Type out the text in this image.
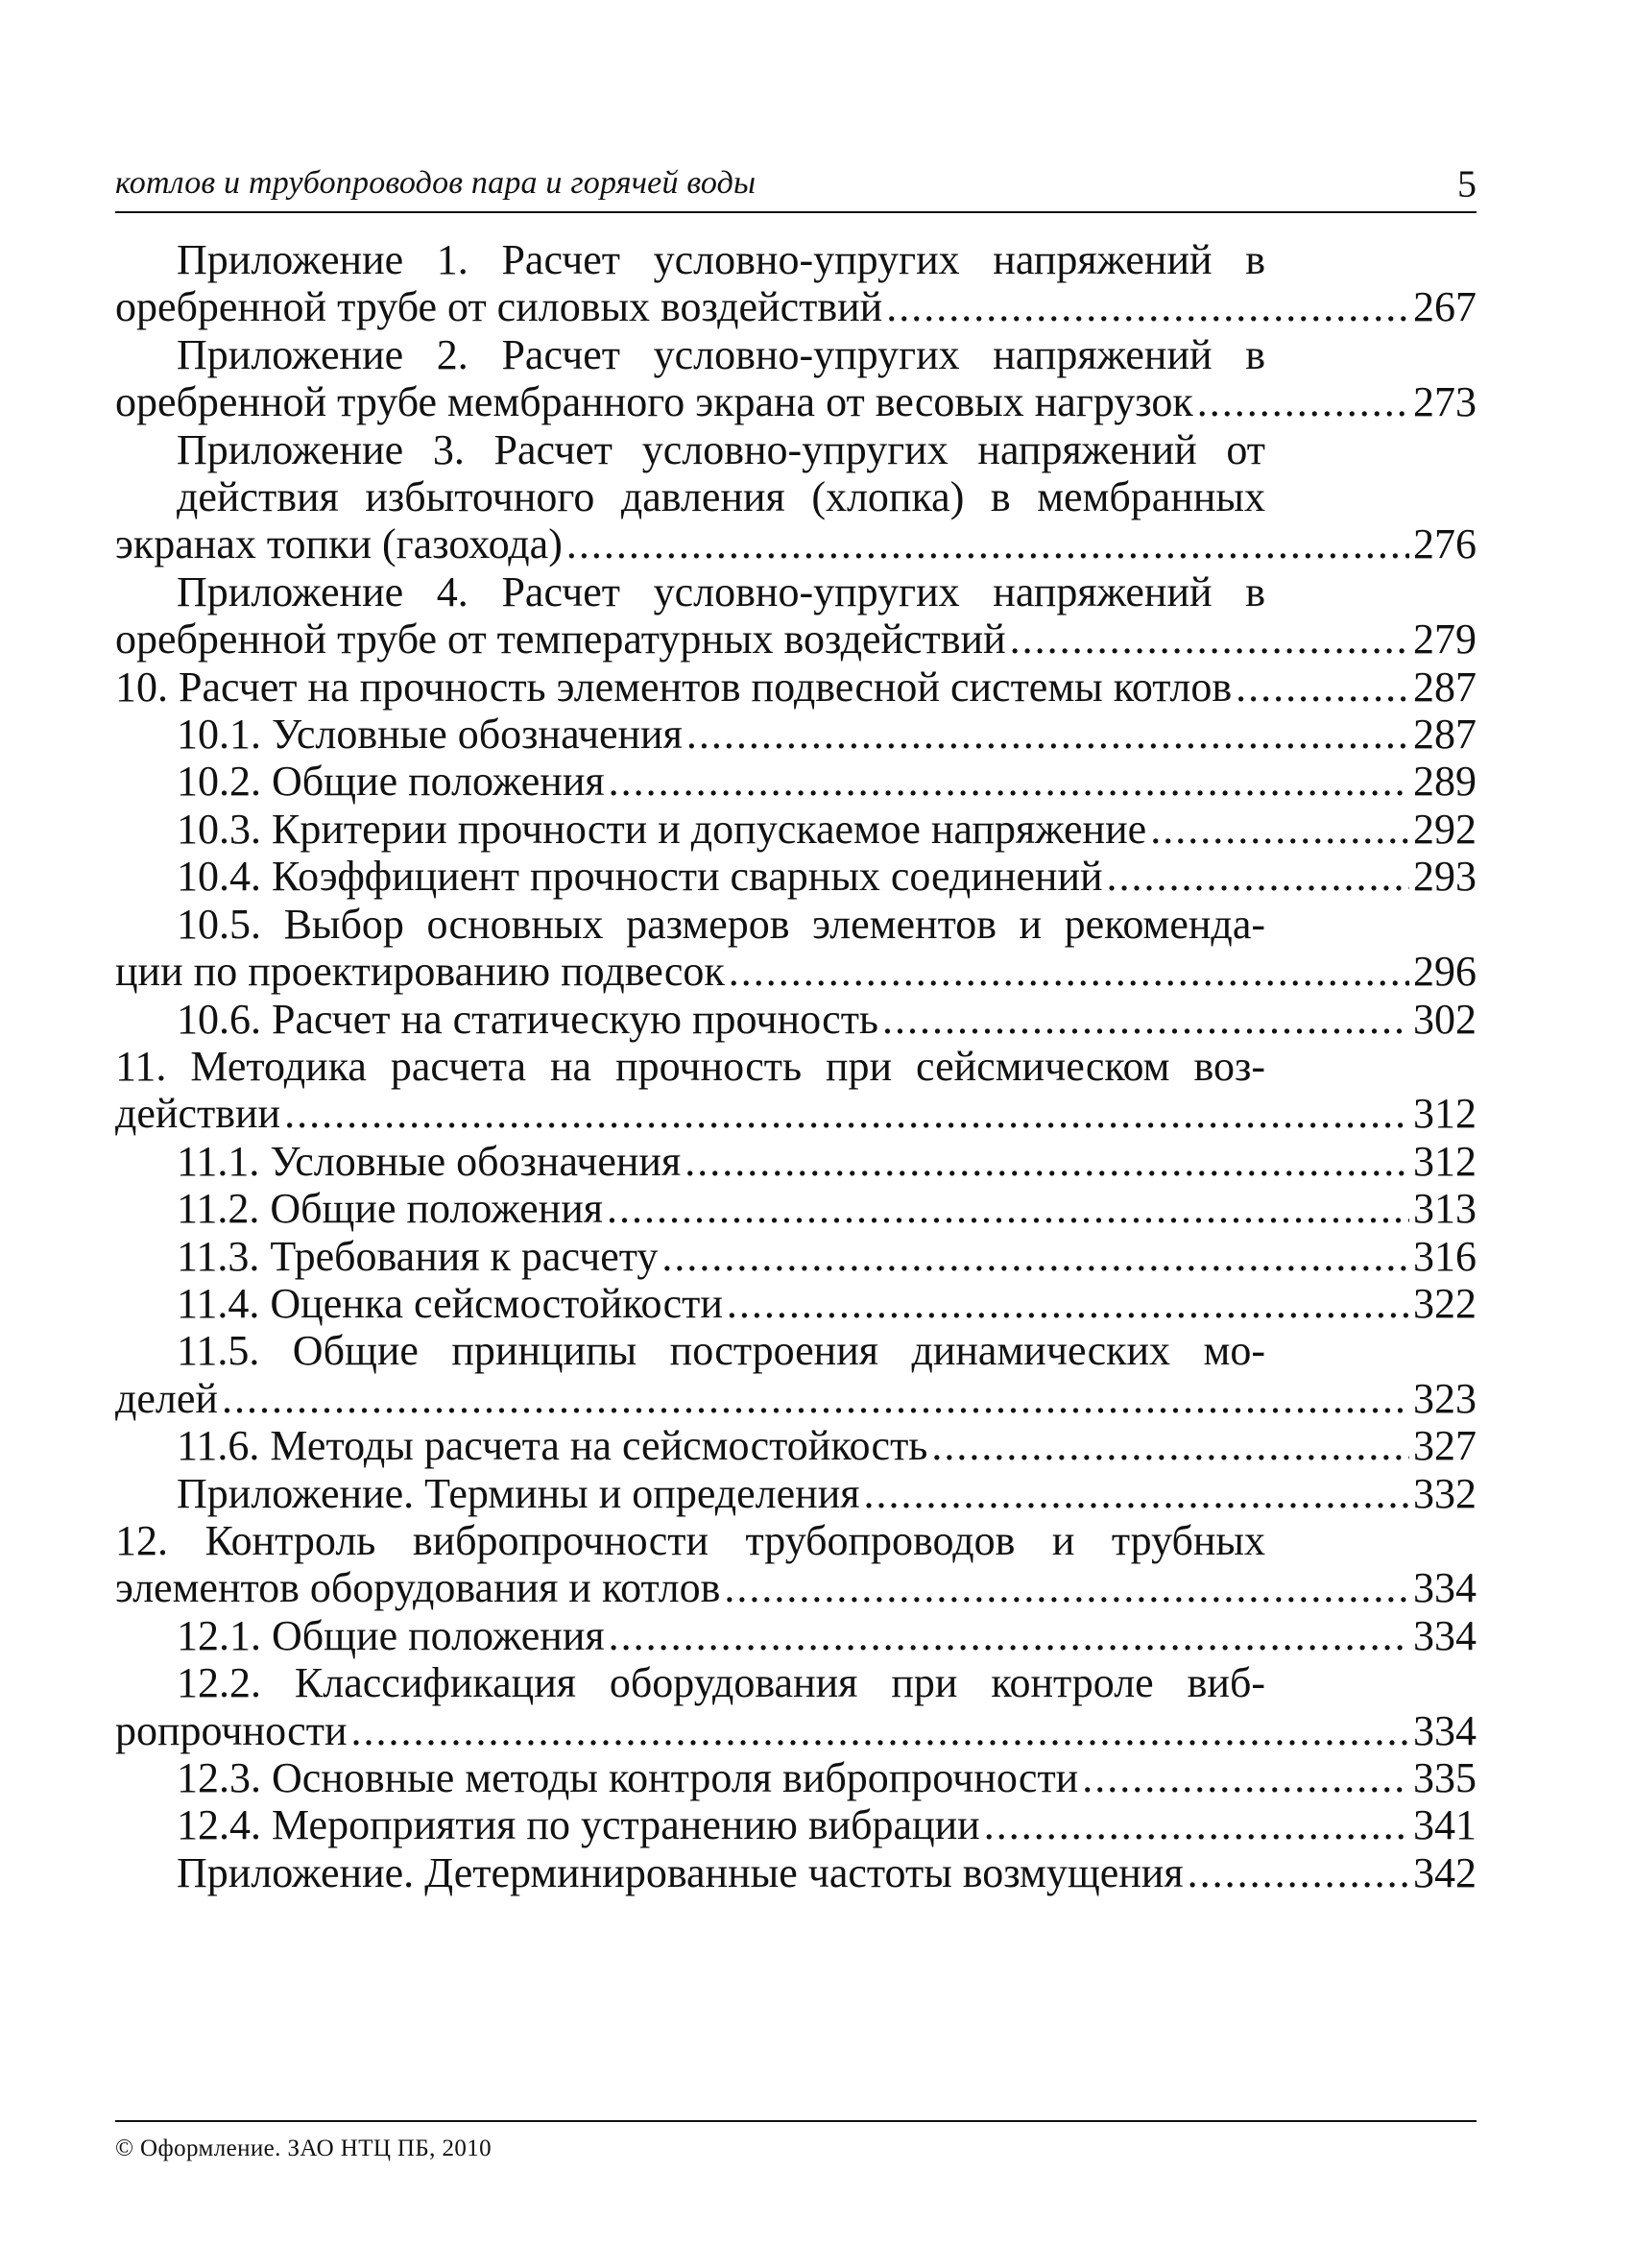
котлов и трубопроводов пара и горячей воды	5
Приложение 1. Расчет условно-упругих напряжений в
оребренной трубе от силовых воздействий .....	267
Приложение 2. Расчет условно-упругих напряжений в
оребренной трубе мембранного экрана от весовых нагрузок .....	273
Приложение 3. Расчет условно-упругих напряжений от
действия избыточного давления (хлопка) в мембранных
экранах топки (газохода) .....	276
Приложение 4. Расчет условно-упругих напряжений в
оребренной трубе от температурных воздействий .....	279
10. Расчет на прочность элементов подвесной системы котлов .....	287
10.1. Условные обозначения .....	287
10.2. Общие положения .....	289
10.3. Критерии прочности и допускаемое напряжение .....	292
10.4. Коэффициент прочности сварных соединений .....	293
10.5. Выбор основных размеров элементов и рекоменда-
ции по проектированию подвесок .....	296
10.6. Расчет на статическую прочность .....	302
11. Методика расчета на прочность при сейсмическом воз-
действии .....	312
11.1. Условные обозначения .....	312
11.2. Общие положения .....	313
11.3. Требования к расчету .....	316
11.4. Оценка сейсмостойкости .....	322
11.5. Общие принципы построения динамических мо-
делей .....	323
11.6. Методы расчета на сейсмостойкость .....	327
Приложение. Термины и определения .....	332
12. Контроль вибропрочности трубопроводов и трубных
элементов оборудования и котлов .....	334
12.1. Общие положения .....	334
12.2. Классификация оборудования при контроле виб-
ропрочности .....	334
12.3. Основные методы контроля вибропрочности .....	335
12.4. Мероприятия по устранению вибрации .....	341
Приложение. Детерминированные частоты возмущения .....	342
© Оформление. ЗАО НТЦ ПБ, 2010
